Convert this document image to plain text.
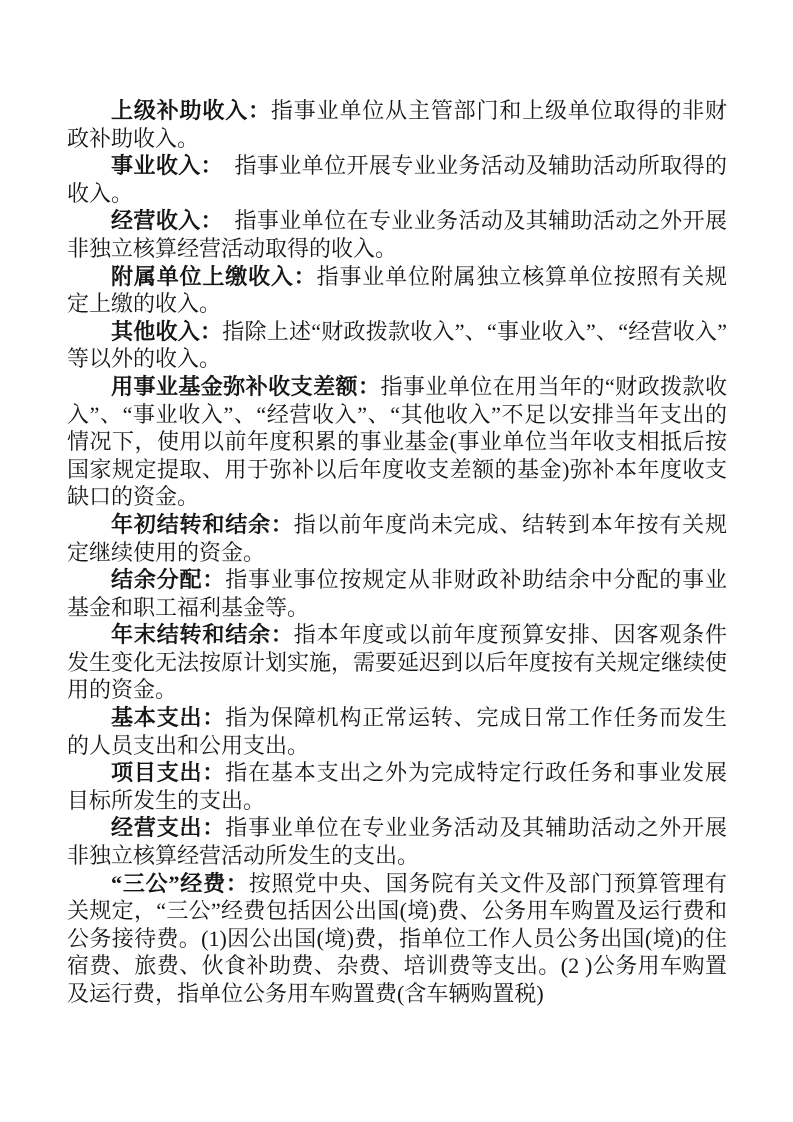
上级补助收入：指事业单位从主管部门和上级单位取得的非财政补助收入。

事业收入：　指事业单位开展专业业务活动及辅助活动所取得的收入。

经营收入：　指事业单位在专业业务活动及其辅助活动之外开展非独立核算经营活动取得的收入。

附属单位上缴收入：指事业单位附属独立核算单位按照有关规定上缴的收入。

其他收入：指除上述“财政拨款收入”、“事业收入”、“经营收入”等以外的收入。

用事业基金弥补收支差额：指事业单位在用当年的“财政拨款收入”、“事业收入”、“经营收入”、“其他收入”不足以安排当年支出的情况下，使用以前年度积累的事业基金(事业单位当年收支相抵后按国家规定提取、用于弥补以后年度收支差额的基金)弥补本年度收支缺口的资金。

年初结转和结余：指以前年度尚未完成、结转到本年按有关规定继续使用的资金。

结余分配：指事业事位按规定从非财政补助结余中分配的事业基金和职工福利基金等。

年末结转和结余：指本年度或以前年度预算安排、因客观条件发生变化无法按原计划实施，需要延迟到以后年度按有关规定继续使用的资金。

基本支出：指为保障机构正常运转、完成日常工作任务而发生的人员支出和公用支出。

项目支出：指在基本支出之外为完成特定行政任务和事业发展目标所发生的支出。

经营支出：指事业单位在专业业务活动及其辅助活动之外开展非独立核算经营活动所发生的支出。

“三公”经费：按照党中央、国务院有关文件及部门预算管理有关规定，“三公”经费包括因公出国(境)费、公务用车购置及运行费和公务接待费。(1)因公出国(境)费，指单位工作人员公务出国(境)的住宿费、旅费、伙食补助费、杂费、培训费等支出。(2 )公务用车购置及运行费，指单位公务用车购置费(含车辆购置税)
